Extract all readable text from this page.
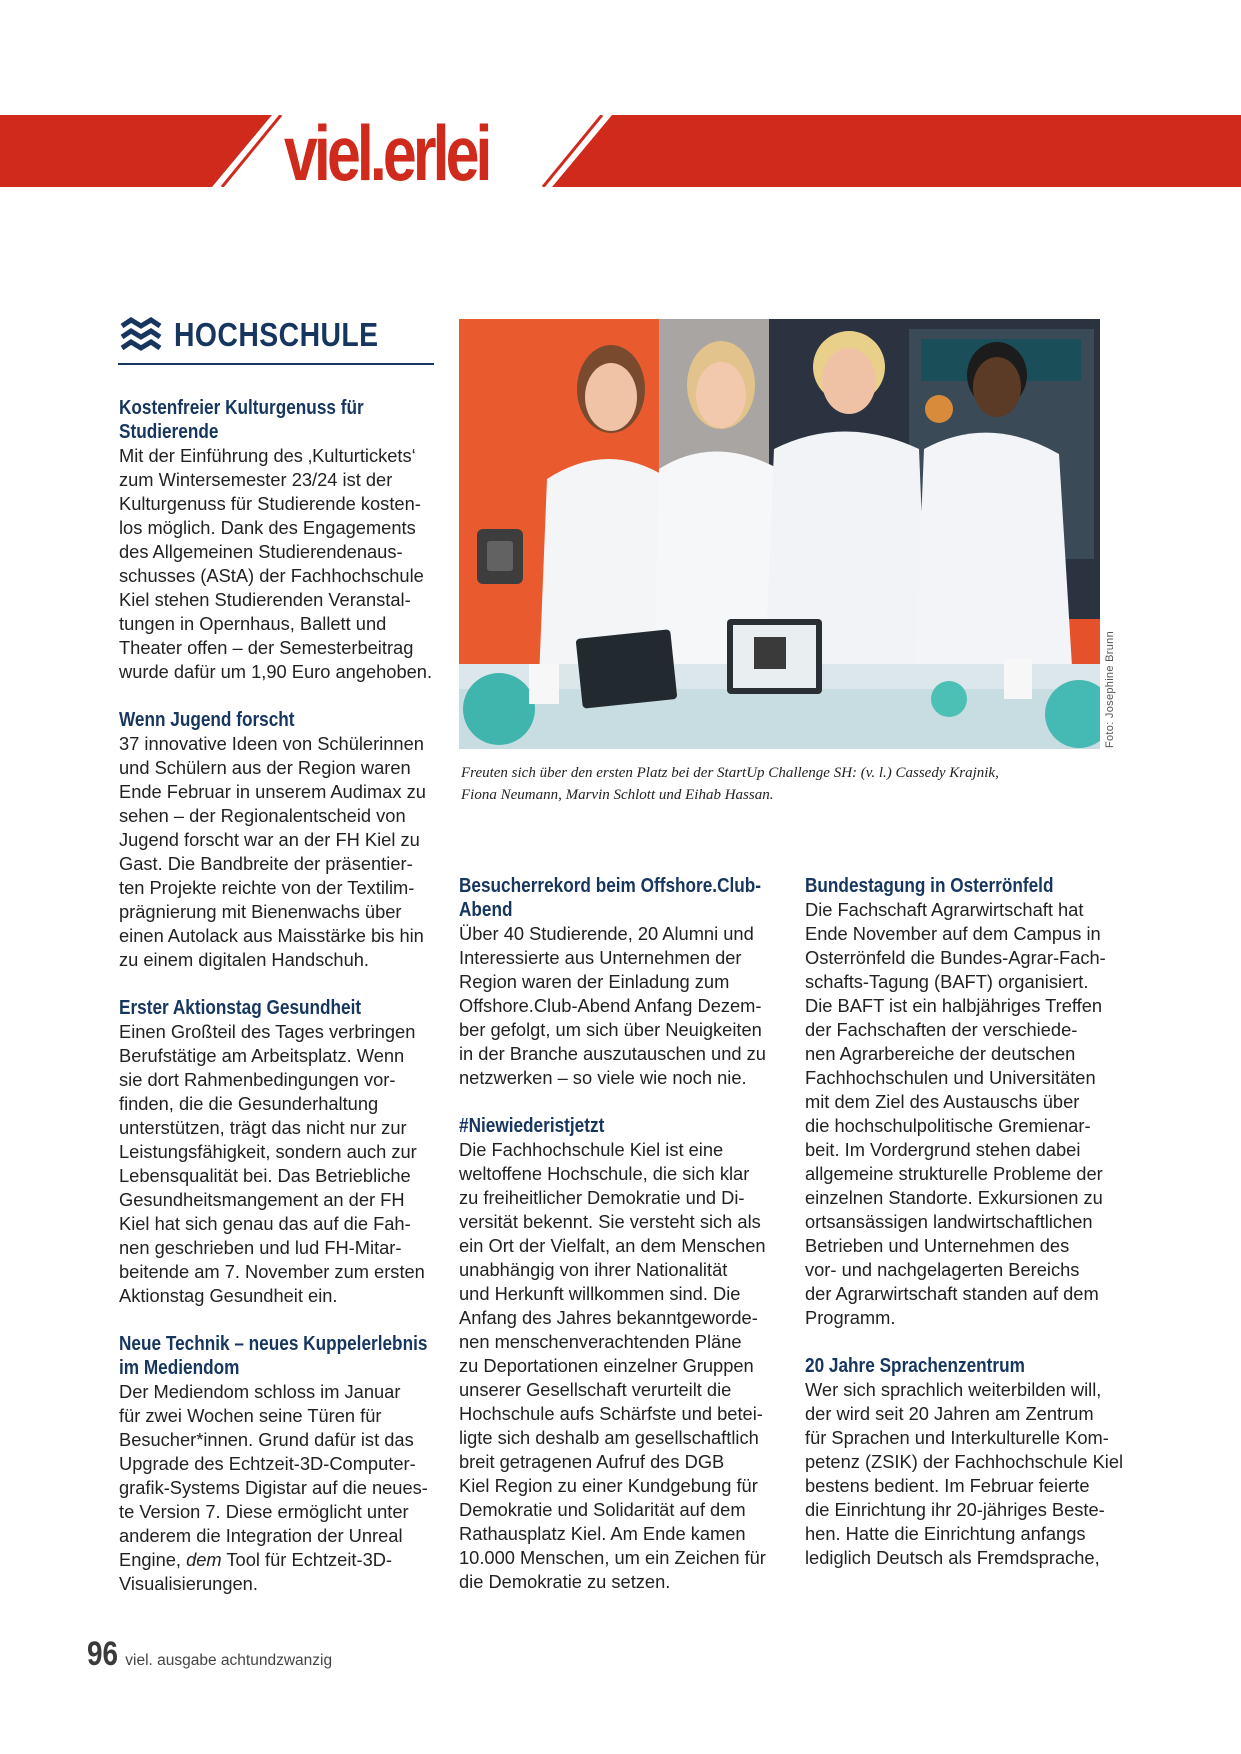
viel.erlei
HOCHSCHULE
Foto: Josephine Brunn
Freuten sich über den ersten Platz bei der StartUp Challenge SH: (v. l.) Cassedy Krajnik,
Fiona Neumann, Marvin Schlott und Eihab Hassan.
Kostenfreier Kulturgenuss für Studierende

Mit der Einführung des ‚Kulturtickets‘
zum Wintersemester 23/24 ist der
Kulturgenuss für Studierende kosten-
los möglich. Dank des Engagements
des Allgemeinen Studierendenaus-
schusses (AStA) der Fachhochschule
Kiel stehen Studierenden Veranstal-
tungen in Opernhaus, Ballett und
Theater offen – der Semesterbeitrag
wurde dafür um 1,90 Euro angehoben.

Wenn Jugend forscht

37 innovative Ideen von Schülerinnen
und Schülern aus der Region waren
Ende Februar in unserem Audimax zu
sehen – der Regionalentscheid von
Jugend forscht war an der FH Kiel zu
Gast. Die Bandbreite der präsentier-
ten Projekte reichte von der Textilim-
prägnierung mit Bienenwachs über
einen Autolack aus Maisstärke bis hin
zu einem digitalen Handschuh.

Erster Aktionstag Gesundheit

Einen Großteil des Tages verbringen
Berufstätige am Arbeitsplatz. Wenn
sie dort Rahmenbedingungen vor-
finden, die die Gesunderhaltung
unterstützen, trägt das nicht nur zur
Leistungsfähigkeit, sondern auch zur
Lebensqualität bei. Das Betriebliche
Gesundheitsmangement an der FH
Kiel hat sich genau das auf die Fah-
nen geschrieben und lud FH-Mitar-
beitende am 7. November zum ersten
Aktionstag Gesundheit ein.

Neue Technik – neues Kuppelerlebnis
im Mediendom

Der Mediendom schloss im Januar
für zwei Wochen seine Türen für
Besucher*innen. Grund dafür ist das
Upgrade des Echtzeit-3D-Computer-
grafik-Systems Digistar auf die neues-
te Version 7. Diese ermöglicht unter
anderem die Integration der Unreal
Engine, dem Tool für Echtzeit-3D-
Visualisierungen.

Besucherrekord beim Offshore.Club-Abend

Über 40 Studierende, 20 Alumni und
Interessierte aus Unternehmen der
Region waren der Einladung zum
Offshore.Club-Abend Anfang Dezem-
ber gefolgt, um sich über Neuigkeiten
in der Branche auszutauschen und zu
netzwerken – so viele wie noch nie.

#Niewiederistjetzt

Die Fachhochschule Kiel ist eine
weltoffene Hochschule, die sich klar
zu freiheitlicher Demokratie und Di-
versität bekennt. Sie versteht sich als
ein Ort der Vielfalt, an dem Menschen
unabhängig von ihrer Nationalität
und Herkunft willkommen sind. Die
Anfang des Jahres bekanntgeworde-
nen menschenverachtenden Pläne
zu Deportationen einzelner Gruppen
unserer Gesellschaft verurteilt die
Hochschule aufs Schärfste und betei-
ligte sich deshalb am gesellschaftlich
breit getragenen Aufruf des DGB
Kiel Region zu einer Kundgebung für
Demokratie und Solidarität auf dem
Rathausplatz Kiel. Am Ende kamen
10.000 Menschen, um ein Zeichen für
die Demokratie zu setzen.

Bundestagung in Osterrönfeld

Die Fachschaft Agrarwirtschaft hat
Ende November auf dem Campus in
Osterrönfeld die Bundes-Agrar-Fach-
schafts-Tagung (BAFT) organisiert.
Die BAFT ist ein halbjähriges Treffen
der Fachschaften der verschiede-
nen Agrarbereiche der deutschen
Fachhochschulen und Universitäten
mit dem Ziel des Austauschs über
die hochschulpolitische Gremienar-
beit. Im Vordergrund stehen dabei
allgemeine strukturelle Probleme der
einzelnen Standorte. Exkursionen zu
ortsansässigen landwirtschaftlichen
Betrieben und Unternehmen des
vor- und nachgelagerten Bereichs
der Agrarwirtschaft standen auf dem
Programm.

20 Jahre Sprachenzentrum

Wer sich sprachlich weiterbilden will,
der wird seit 20 Jahren am Zentrum
für Sprachen und Interkulturelle Kom-
petenz (ZSIK) der Fachhochschule Kiel
bestens bedient. Im Februar feierte
die Einrichtung ihr 20-jähriges Beste-
hen. Hatte die Einrichtung anfangs
lediglich Deutsch als Fremdsprache,

96 viel. ausgabe achtundzwanzig
